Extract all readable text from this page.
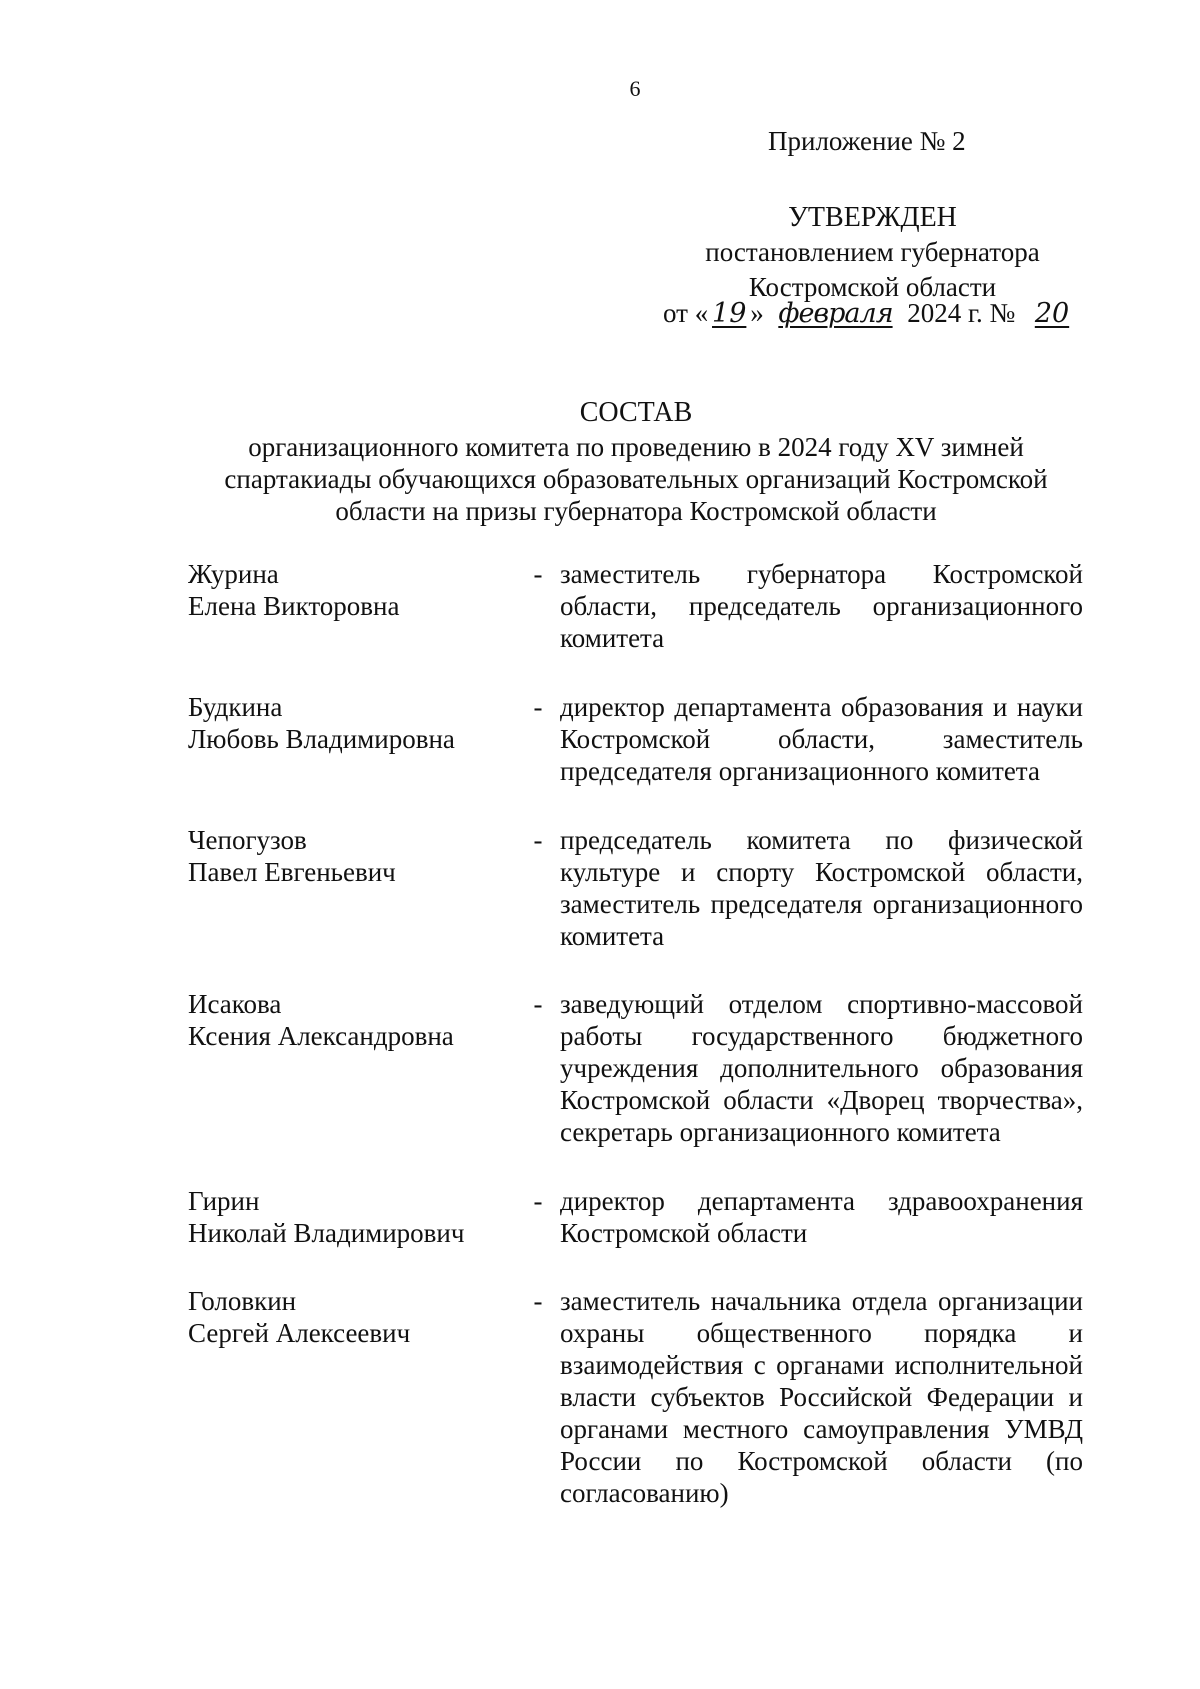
6
Приложение № 2
УТВЕРЖДЕН
постановлением губернатора
Костромской области
от « 19 » февраля 2024 г. № 20
СОСТАВ
организационного комитета по проведению в 2024 году XV зимней спартакиады обучающихся образовательных организаций Костромской области на призы губернатора Костромской области
Журина
Елена Викторовна
- заместитель губернатора Костромской области, председатель организационного комитета
Будкина
Любовь Владимировна
- директор департамента образования и науки Костромской области, заместитель председателя организационного комитета
Чепогузов
Павел Евгеньевич
- председатель комитета по физической культуре и спорту Костромской области, заместитель председателя организационного комитета
Исакова
Ксения Александровна
- заведующий отделом спортивно-массовой работы государственного бюджетного учреждения дополнительного образования Костромской области «Дворец творчества», секретарь организационного комитета
Гирин
Николай Владимирович
- директор департамента здравоохранения Костромской области
Головкин
Сергей Алексеевич
- заместитель начальника отдела организации охраны общественного порядка и взаимодействия с органами исполнительной власти субъектов Российской Федерации и органами местного самоуправления УМВД России по Костромской области (по согласованию)
